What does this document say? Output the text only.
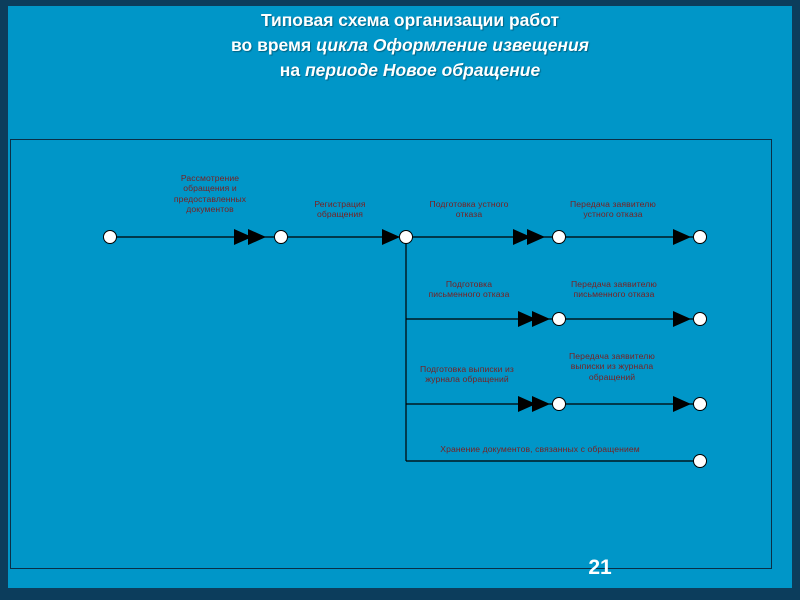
Типовая схема организации работ
во время цикла Оформление извещения
на периоде Новое обращение
Рассмотрение
обращения и
предоставленных
документов
Регистрация
обращения
Подготовка устного
отказа
Передача заявителю
устного отказа
Подготовка
письменного отказа
Передача заявителю
письменного отказа
Подготовка выписки из
журнала обращений
Передача заявителю
выписки из журнала
обращений
Хранение документов, связанных с обращением
21
